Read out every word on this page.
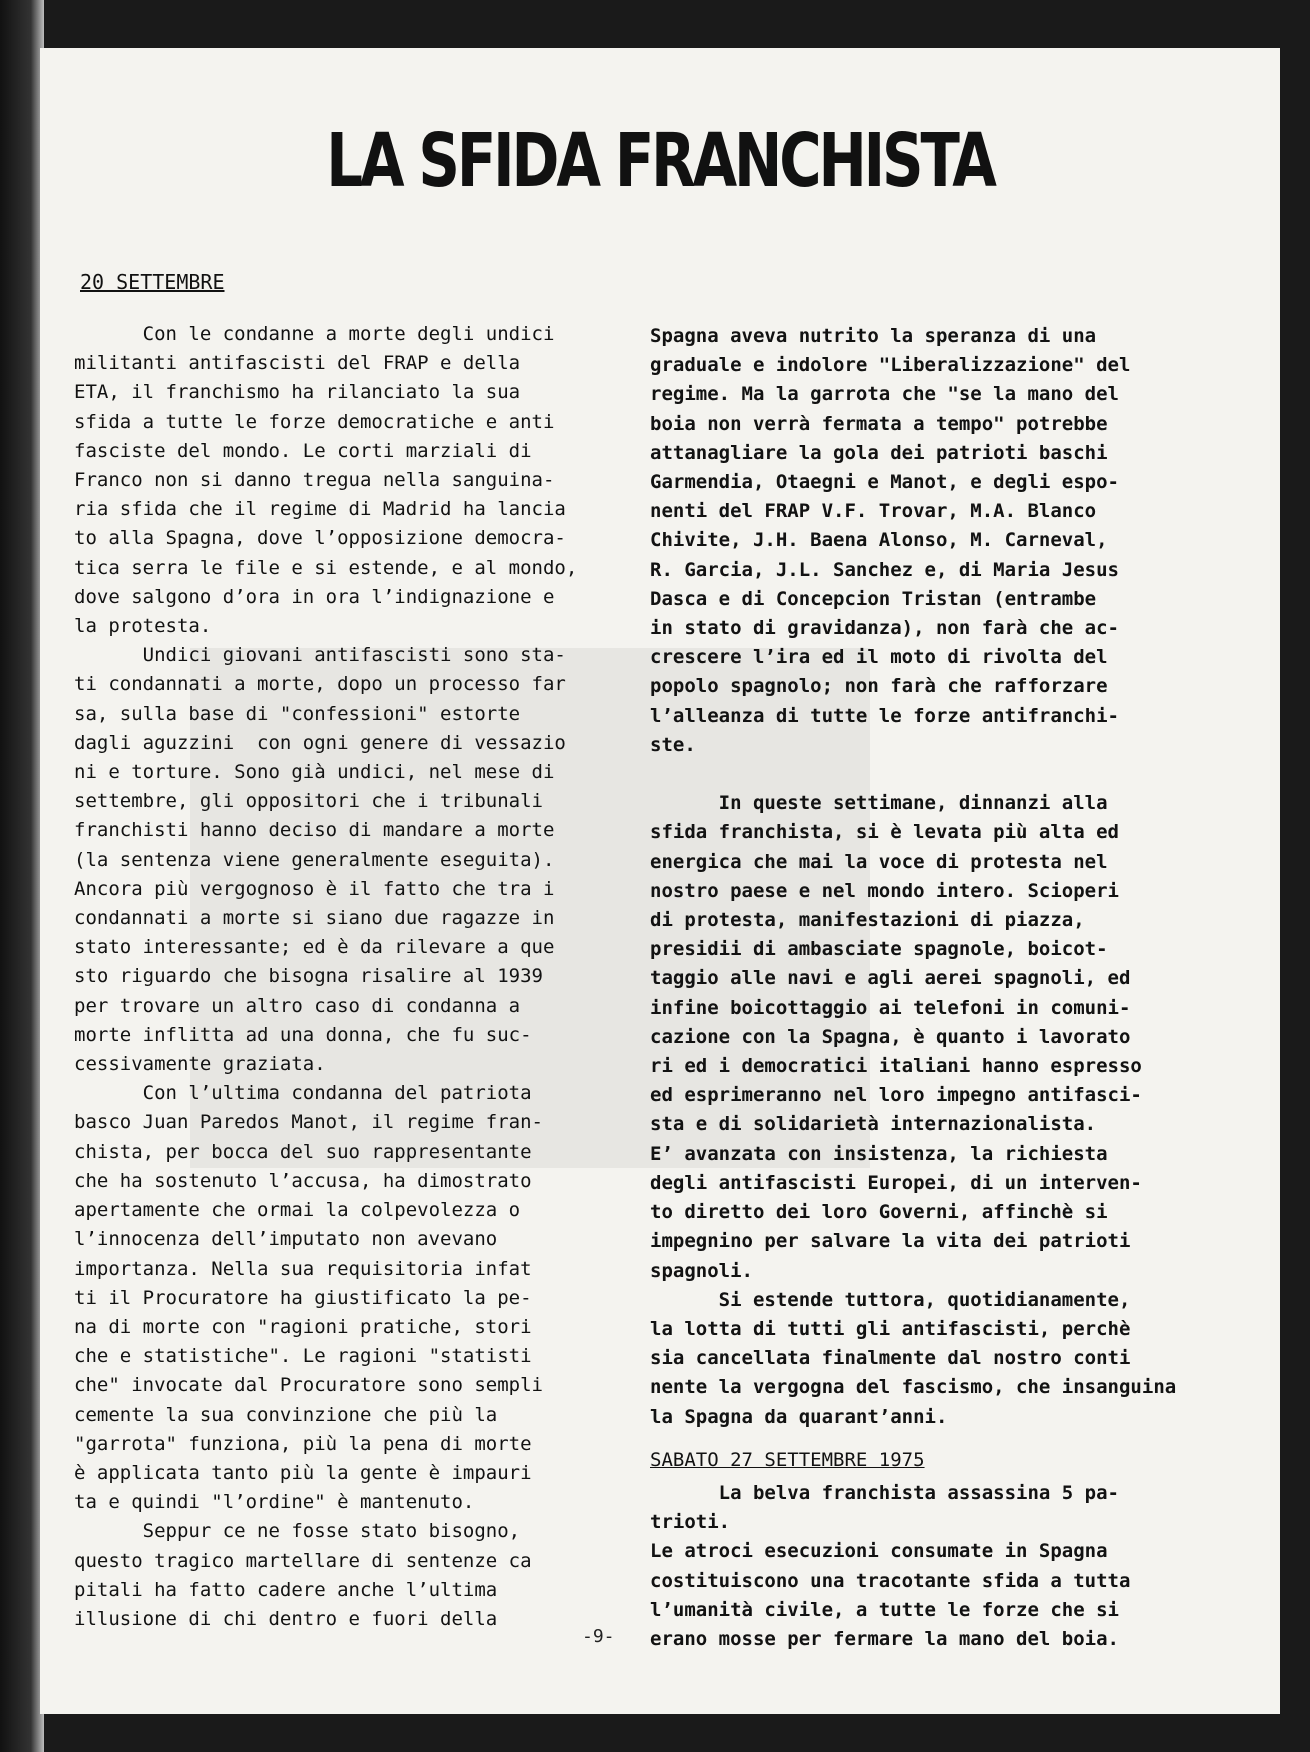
LA SFIDA FRANCHISTA
20 SETTEMBRE

Con le condanne a morte degli undici

militanti antifascisti del FRAP e della

ETA, il franchismo ha rilanciato la sua

sfida a tutte le forze democratiche e anti

fasciste del mondo. Le corti marziali di

Franco non si danno tregua nella sanguina-

ria sfida che il regime di Madrid ha lancia

to alla Spagna, dove l’opposizione democra-

tica serra le file e si estende, e al mondo,

dove salgono d’ora in ora l’indignazione e

la protesta.

Undici giovani antifascisti sono sta-

ti condannati a morte, dopo un processo far

sa, sulla base di "confessioni" estorte

dagli aguzzini  con ogni genere di vessazio

ni e torture. Sono già undici, nel mese di

settembre, gli oppositori che i tribunali

franchisti hanno deciso di mandare a morte

(la sentenza viene generalmente eseguita).

Ancora più vergognoso è il fatto che tra i

condannati a morte si siano due ragazze in

stato interessante; ed è da rilevare a que

sto riguardo che bisogna risalire al 1939

per trovare un altro caso di condanna a

morte inflitta ad una donna, che fu suc-

cessivamente graziata.

Con l’ultima condanna del patriota

basco Juan Paredos Manot, il regime fran-

chista, per bocca del suo rappresentante

che ha sostenuto l’accusa, ha dimostrato

apertamente che ormai la colpevolezza o

l’innocenza dell’imputato non avevano

importanza. Nella sua requisitoria infat

ti il Procuratore ha giustificato la pe-

na di morte con "ragioni pratiche, stori

che e statistiche". Le ragioni "statisti

che" invocate dal Procuratore sono sempli

cemente la sua convinzione che più la

"garrota" funziona, più la pena di morte

è applicata tanto più la gente è impauri

ta e quindi "l’ordine" è mantenuto.

Seppur ce ne fosse stato bisogno,

questo tragico martellare di sentenze ca

pitali ha fatto cadere anche l’ultima

illusione di chi dentro e fuori della

Spagna aveva nutrito la speranza di una

graduale e indolore "Liberalizzazione" del

regime. Ma la garrota che "se la mano del

boia non verrà fermata a tempo" potrebbe

attanagliare la gola dei patrioti baschi

Garmendia, Otaegni e Manot, e degli espo-

nenti del FRAP V.F. Trovar, M.A. Blanco

Chivite, J.H. Baena Alonso, M. Carneval,

R. Garcia, J.L. Sanchez e, di Maria Jesus

Dasca e di Concepcion Tristan (entrambe

in stato di gravidanza), non farà che ac-

crescere l’ira ed il moto di rivolta del

popolo spagnolo; non farà che rafforzare

l’alleanza di tutte le forze antifranchi-

ste.

In queste settimane, dinnanzi alla

sfida franchista, si è levata più alta ed

energica che mai la voce di protesta nel

nostro paese e nel mondo intero. Scioperi

di protesta, manifestazioni di piazza,

presidii di ambasciate spagnole, boicot-

taggio alle navi e agli aerei spagnoli, ed

infine boicottaggio ai telefoni in comuni-

cazione con la Spagna, è quanto i lavorato

ri ed i democratici italiani hanno espresso

ed esprimeranno nel loro impegno antifasci-

sta e di solidarietà internazionalista.

E’ avanzata con insistenza, la richiesta

degli antifascisti Europei, di un interven-

to diretto dei loro Governi, affinchè si

impegnino per salvare la vita dei patrioti

spagnoli.

Si estende tuttora, quotidianamente,

la lotta di tutti gli antifascisti, perchè

sia cancellata finalmente dal nostro conti

nente la vergogna del fascismo, che insanguina

la Spagna da quarant’anni.

SABATO 27 SETTEMBRE 1975

La belva franchista assassina 5 pa-

trioti.

Le atroci esecuzioni consumate in Spagna

costituiscono una tracotante sfida a tutta

l’umanità civile, a tutte le forze che si

erano mosse per fermare la mano del boia.

-9-
